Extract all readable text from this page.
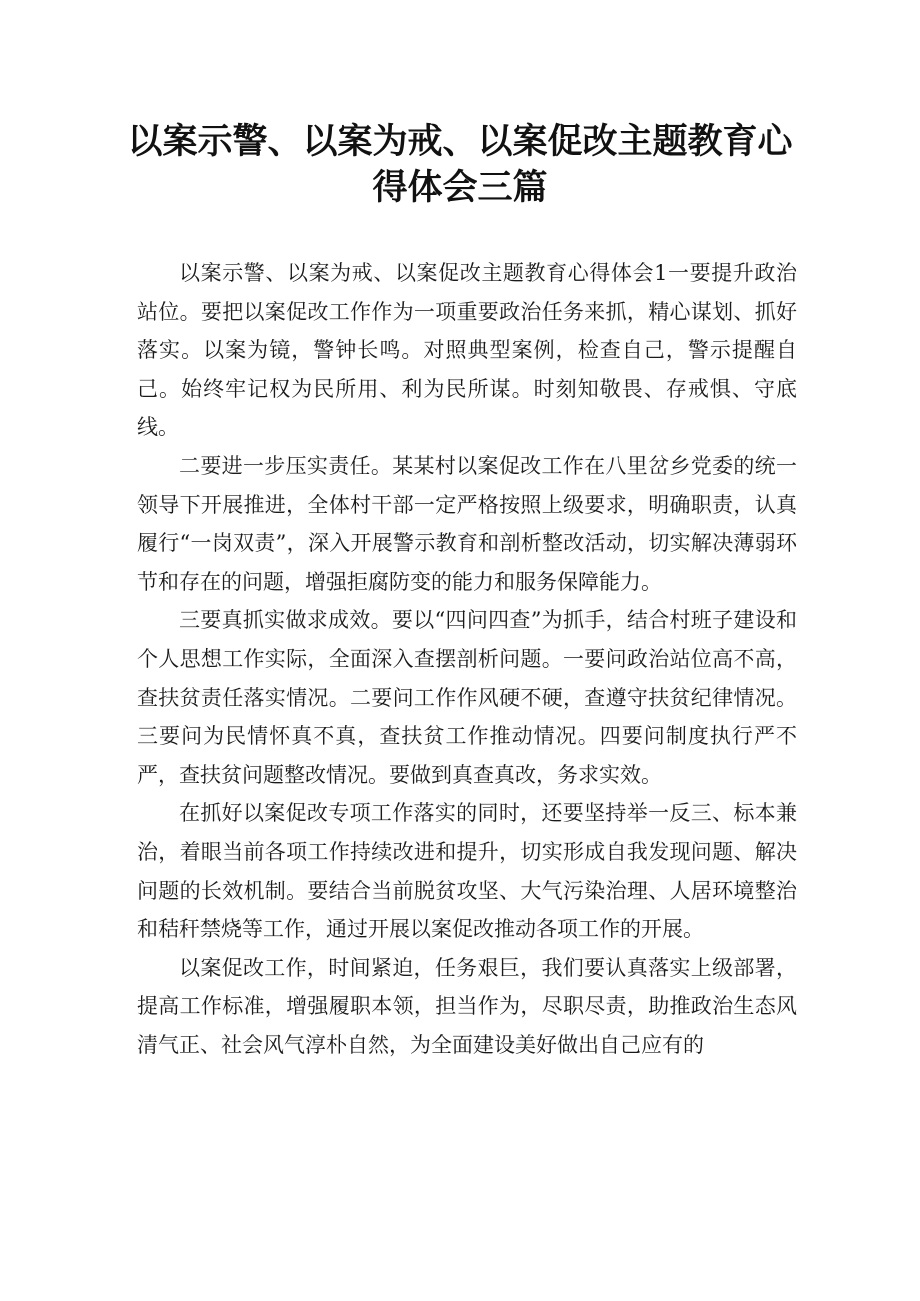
以案示警、以案为戒、以案促改主题教育心
得体会三篇

以案示警、以案为戒、以案促改主题教育心得体会1一要提升政治站位。要把以案促改工作作为一项重要政治任务来抓，精心谋划、抓好落实。以案为镜，警钟长鸣。对照典型案例，检查自己，警示提醒自己。始终牢记权为民所用、利为民所谋。时刻知敬畏、存戒惧、守底线。

二要进一步压实责任。某某村以案促改工作在八里岔乡党委的统一领导下开展推进，全体村干部一定严格按照上级要求，明确职责，认真履行“一岗双责”，深入开展警示教育和剖析整改活动，切实解决薄弱环节和存在的问题，增强拒腐防变的能力和服务保障能力。

三要真抓实做求成效。要以“四问四查”为抓手，结合村班子建设和个人思想工作实际，全面深入查摆剖析问题。一要问政治站位高不高，查扶贫责任落实情况。二要问工作作风硬不硬，查遵守扶贫纪律情况。三要问为民情怀真不真，查扶贫工作推动情况。四要问制度执行严不严，查扶贫问题整改情况。要做到真查真改，务求实效。

在抓好以案促改专项工作落实的同时，还要坚持举一反三、标本兼治，着眼当前各项工作持续改进和提升，切实形成自我发现问题、解决问题的长效机制。要结合当前脱贫攻坚、大气污染治理、人居环境整治和秸秆禁烧等工作，通过开展以案促改推动各项工作的开展。

以案促改工作，时间紧迫，任务艰巨，我们要认真落实上级部署，提高工作标准，增强履职本领，担当作为，尽职尽责，助推政治生态风清气正、社会风气淳朴自然，为全面建设美好做出自己应有的
